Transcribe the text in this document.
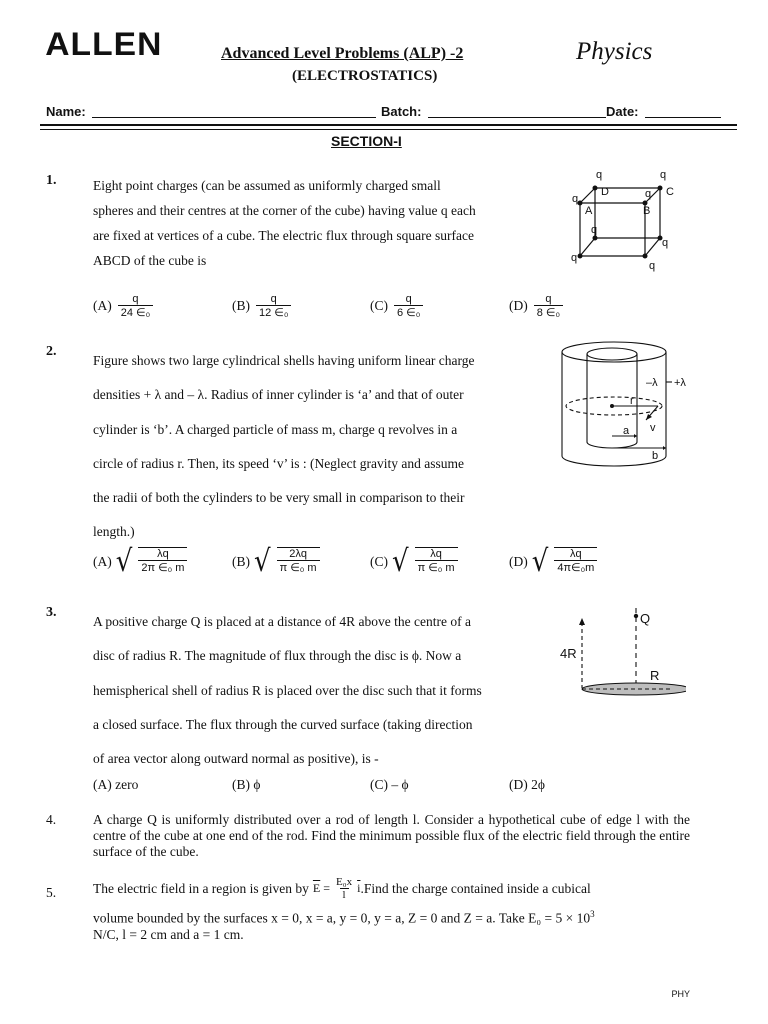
ALLEN	Advanced Level Problems (ALP) -2	Physics
(ELECTROSTATICS)
Name:	Batch:	Date:
SECTION-I
1.	Eight point charges (can be assumed as uniformly charged small
spheres and their centres at the corner of the cube) having value q each
are fixed at vertices of a cube. The electric flux through square surface
ABCD of the cube is
$(A) \frac{q}{\text{24 ∈₀}}$	$(B) \frac{q}{\text{12 ∈₀}}$	$(C) \frac{q}{\text{6 ∈₀}}$	$(D) \frac{q}{\text{8 ∈₀}}$
q	q
q	q
q
q
q
q
D
A	B
C
2.
Figure shows two large cylindrical shells having uniform linear charge
densities + λ and – λ. Radius of inner cylinder is ‘a’ and that of outer
cylinder is ‘b’. A charged particle of mass m, charge q revolves in a
circle of radius r. Then, its speed ‘v’ is : (Neglect gravity and assume
the radii of both the cylinders to be very small in comparison to their
length.)
(A) √ $\frac{\lambda q}{\text{2π ∈₀ m}}$	(B) √ $\frac{2\lambda q}{\text{π ∈₀ m}}$	(C) √ $\frac{\lambda q}{\text{π ∈₀ m}}$	(D) √ $\frac{\lambda q}{\text{4π∈₀m}}$
–λ +λ
r
v
a
b
3.
A positive charge Q is placed at a distance of 4R above the centre of a
disc of radius R. The magnitude of flux through the disc is ϕ. Now a
hemispherical shell of radius R is placed over the disc such that it forms
a closed surface. The flux through the curved surface (taking direction
of area vector along outward normal as positive), is -
(A)
zero	(B)
ϕ	(C)
– ϕ	(D)
2ϕ
Q
4R
R
4.	A charge Q is uniformly distributed over a rod of length l. Consider a hypothetical cube of edge l with the centre of the cube at one end of the rod. Find the minimum possible flux of the electric field through the entire surface of the cube.
5.	The electric field in a region is given by $\overline{E} = \frac{\text{E₀x}}{l} \overline{i}$ .Find the charge contained inside a cubical
volume bounded by the surfaces x = 0, x = a, y = 0, y = a, Z = 0 and Z = a. Take $E_0 = 5 \times 10^3$
N/C, l = 2 cm and a = 1 cm.
PHY
